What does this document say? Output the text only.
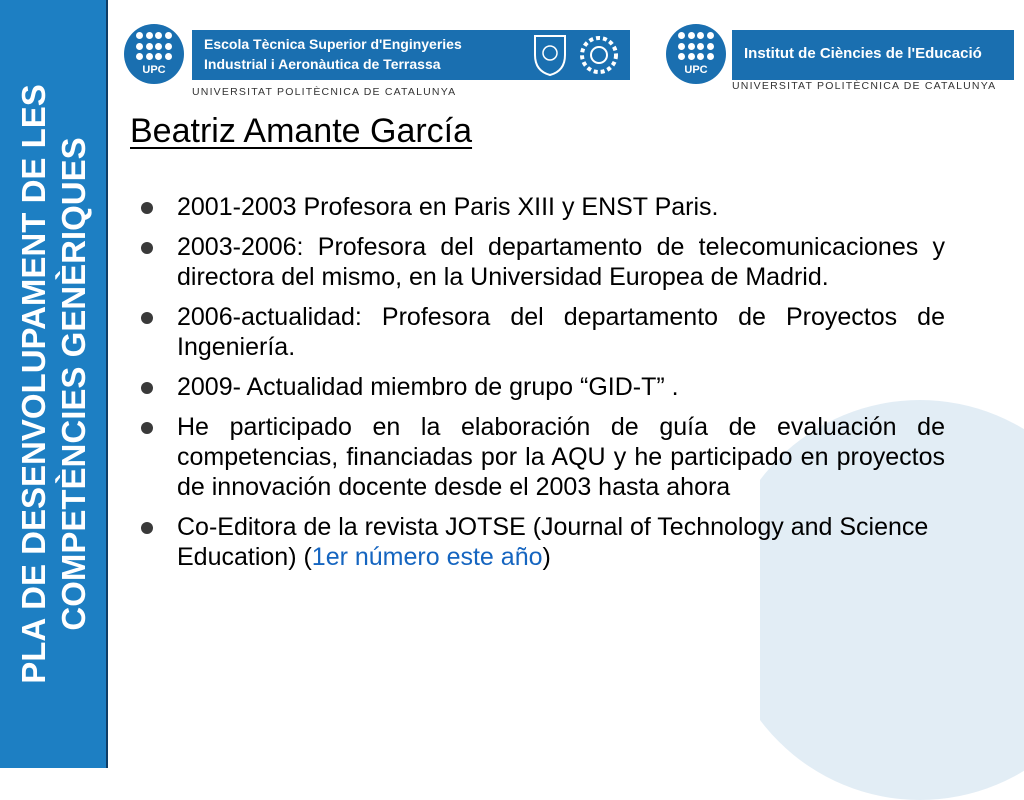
PLA DE DESENVOLUPAMENT DE LES COMPETÈNCIES GENÈRIQUES
UPC
Escola Tècnica Superior d'Enginyeries
Industrial i Aeronàutica de Terrassa
UNIVERSITAT POLITÈCNICA DE CATALUNYA
UPC
Institut de Ciències de l'Educació
UNIVERSITAT POLITÈCNICA DE CATALUNYA
Beatriz Amante García
2001-2003 Profesora en Paris XIII y ENST Paris.
2003-2006: Profesora del departamento de telecomunicaciones y directora del mismo, en la Universidad Europea de Madrid.
2006-actualidad: Profesora del departamento de Proyectos de Ingeniería.
2009- Actualidad miembro de grupo “GID-T” .
He participado en la elaboración de guía de evaluación de competencias, financiadas por la AQU y he participado en proyectos de innovación docente desde el 2003 hasta ahora
Co-Editora de la revista JOTSE (Journal of Technology and Science Education) (1er número este año)
